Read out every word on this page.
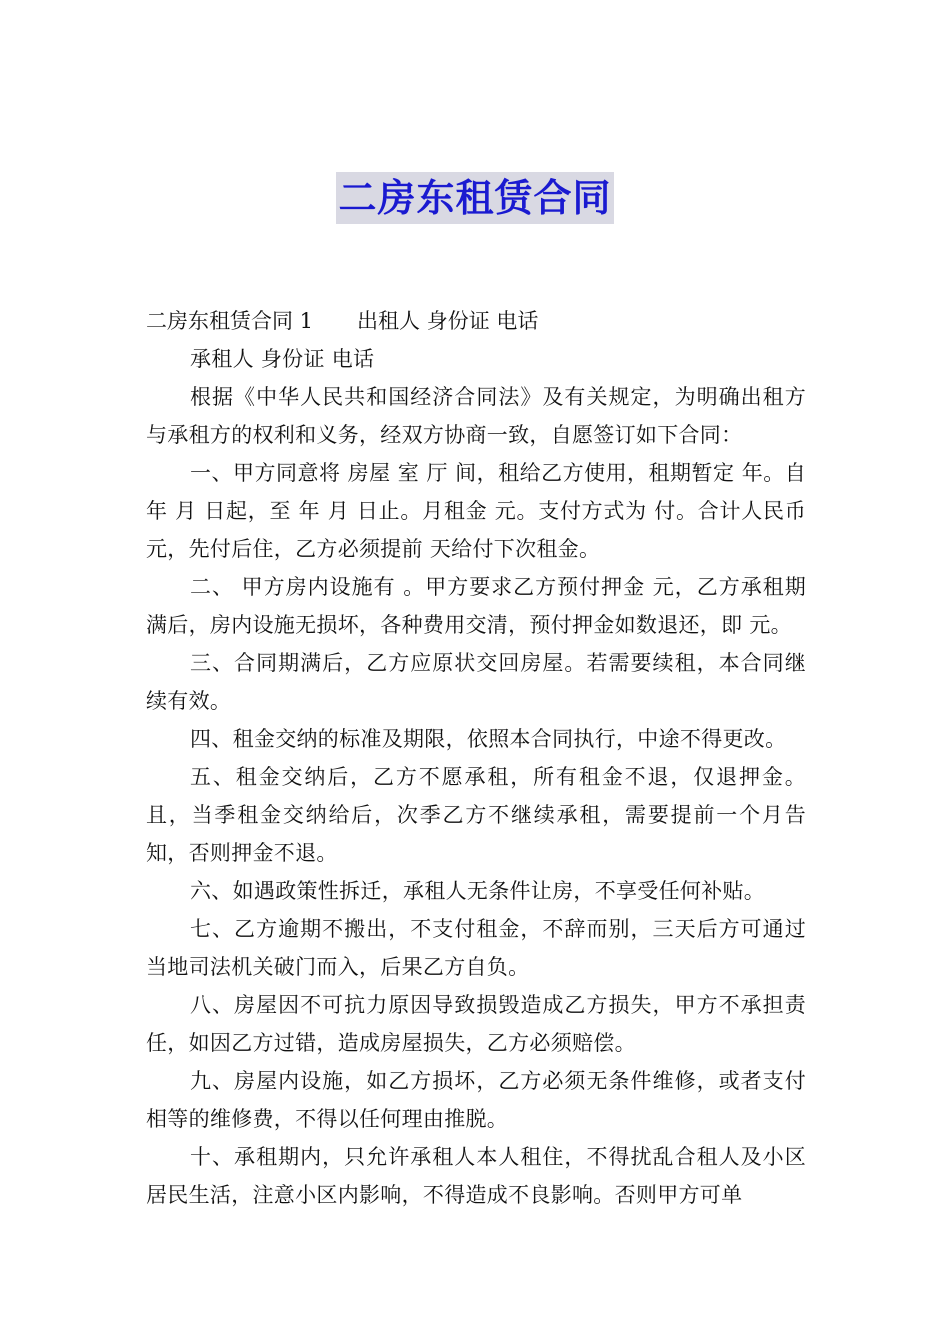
二房东租赁合同
二房东租赁合同 1 出租人 身份证 电话

承租人 身份证 电话

根据《中华人民共和国经济合同法》及有关规定，为明确出租方与承租方的权利和义务，经双方协商一致，自愿签订如下合同：

一、甲方同意将 房屋 室 厅 间，租给乙方使用，租期暂定 年。自 年 月 日起，至 年 月 日止。月租金 元。支付方式为 付。合计人民币 元，先付后住，乙方必须提前 天给付下次租金。

二、 甲方房内设施有 。甲方要求乙方预付押金 元，乙方承租期满后，房内设施无损坏，各种费用交清，预付押金如数退还，即 元。

三、合同期满后，乙方应原状交回房屋。若需要续租，本合同继续有效。

四、租金交纳的标准及期限，依照本合同执行，中途不得更改。

五、租金交纳后，乙方不愿承租，所有租金不退，仅退押金。且，当季租金交纳给后，次季乙方不继续承租，需要提前一个月告知，否则押金不退。

六、如遇政策性拆迁，承租人无条件让房，不享受任何补贴。

七、乙方逾期不搬出，不支付租金，不辞而别，三天后方可通过当地司法机关破门而入，后果乙方自负。

八、房屋因不可抗力原因导致损毁造成乙方损失，甲方不承担责任，如因乙方过错，造成房屋损失，乙方必须赔偿。

九、房屋内设施，如乙方损坏，乙方必须无条件维修，或者支付相等的维修费，不得以任何理由推脱。

十、承租期内，只允许承租人本人租住，不得扰乱合租人及小区居民生活，注意小区内影响，不得造成不良影响。否则甲方可单
